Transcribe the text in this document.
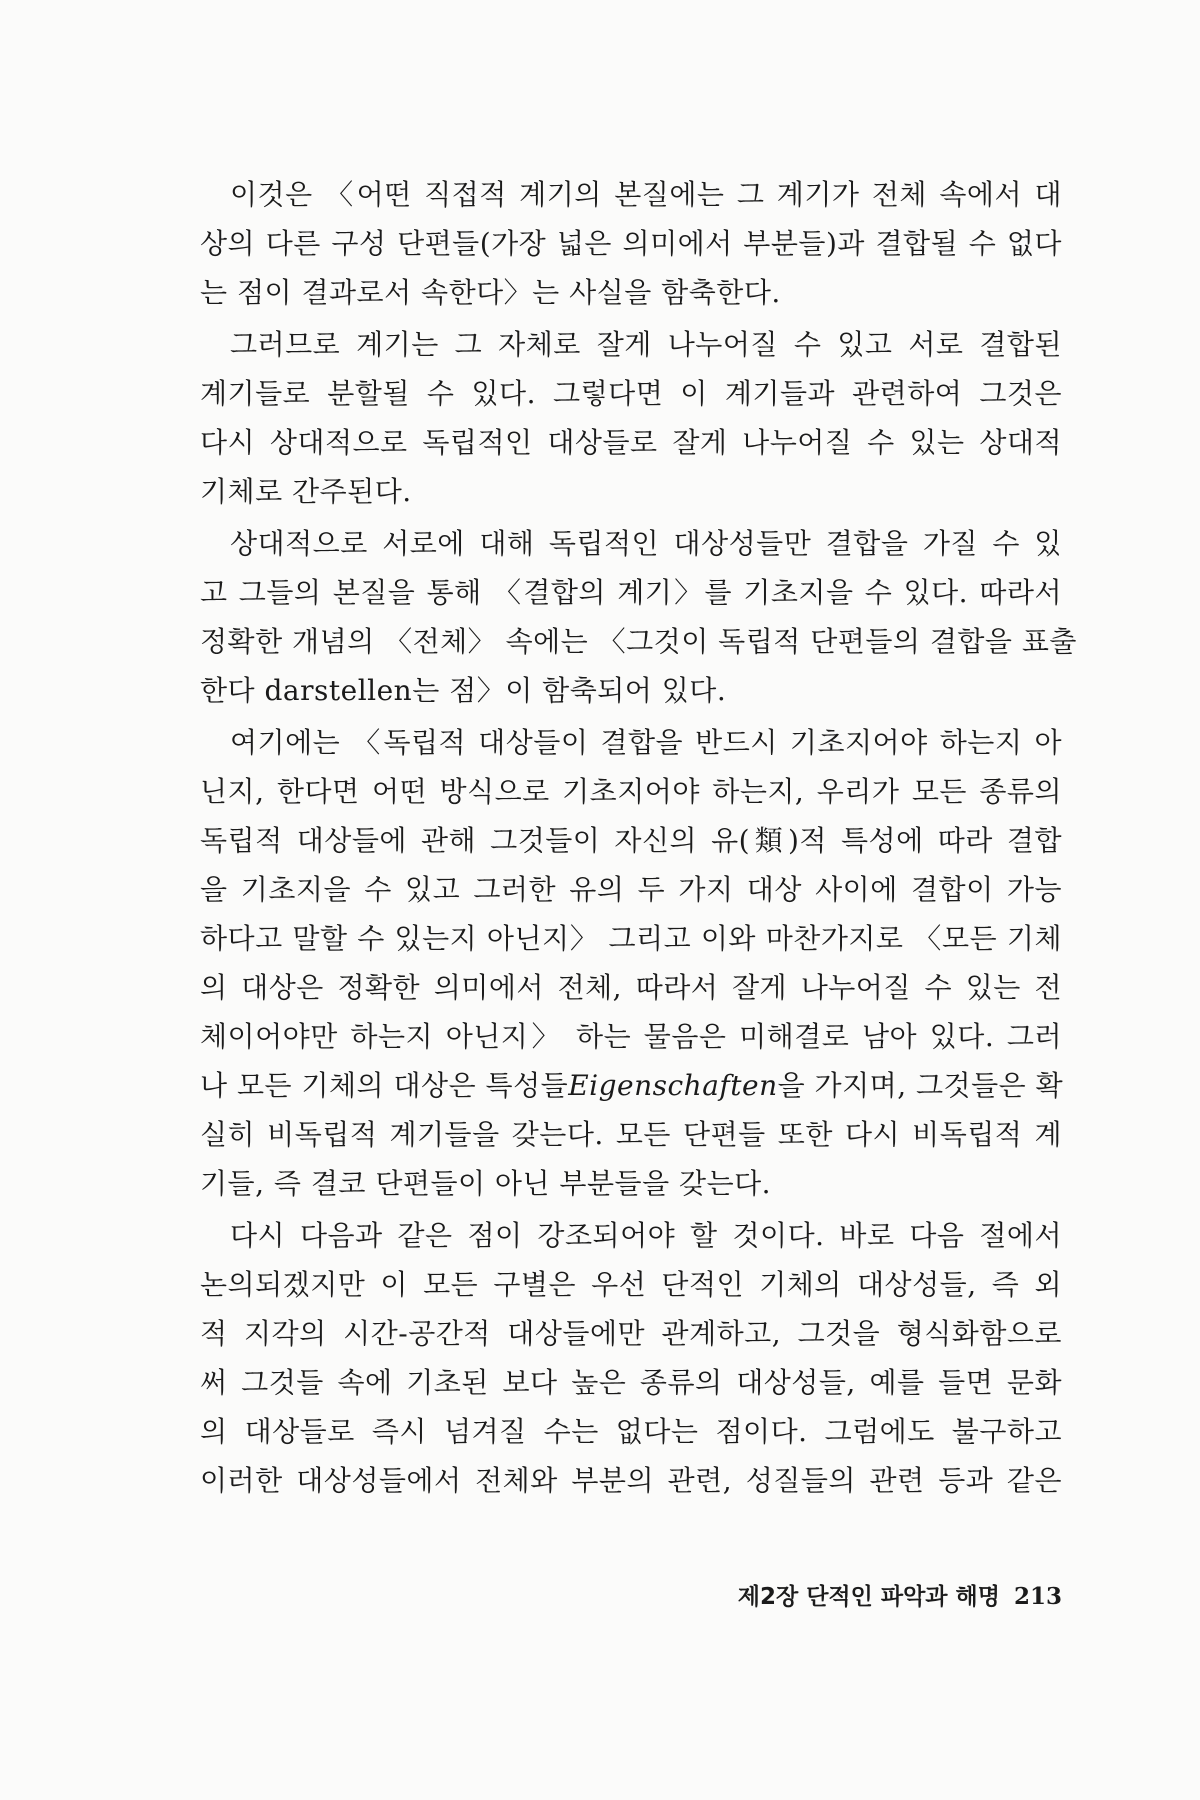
이것은 〈어떤 직접적 계기의 본질에는 그 계기가 전체 속에서 대
상의 다른 구성 단편들(가장 넓은 의미에서 부분들)과 결합될 수 없다
는 점이 결과로서 속한다〉는 사실을 함축한다.
그러므로 계기는 그 자체로 잘게 나누어질 수 있고 서로 결합된
계기들로 분할될 수 있다. 그렇다면 이 계기들과 관련하여 그것은
다시 상대적으로 독립적인 대상들로 잘게 나누어질 수 있는 상대적
기체로 간주된다.
상대적으로 서로에 대해 독립적인 대상성들만 결합을 가질 수 있
고 그들의 본질을 통해 〈결합의 계기〉를 기초지을 수 있다. 따라서
정확한 개념의 〈전체〉 속에는 〈그것이 독립적 단편들의 결합을 표출
한다 darstellen는 점〉이 함축되어 있다.
여기에는 〈독립적 대상들이 결합을 반드시 기초지어야 하는지 아
닌지, 한다면 어떤 방식으로 기초지어야 하는지, 우리가 모든 종류의
독립적 대상들에 관해 그것들이 자신의 유(類)적 특성에 따라 결합
을 기초지을 수 있고 그러한 유의 두 가지 대상 사이에 결합이 가능
하다고 말할 수 있는지 아닌지〉 그리고 이와 마찬가지로 〈모든 기체
의 대상은 정확한 의미에서 전체, 따라서 잘게 나누어질 수 있는 전
체이어야만 하는지 아닌지〉 하는 물음은 미해결로 남아 있다. 그러
나 모든 기체의 대상은 특성들Eigenschaften을 가지며, 그것들은 확
실히 비독립적 계기들을 갖는다. 모든 단편들 또한 다시 비독립적 계
기들, 즉 결코 단편들이 아닌 부분들을 갖는다.
다시 다음과 같은 점이 강조되어야 할 것이다. 바로 다음 절에서
논의되겠지만 이 모든 구별은 우선 단적인 기체의 대상성들, 즉 외
적 지각의 시간-공간적 대상들에만 관계하고, 그것을 형식화함으로
써 그것들 속에 기초된 보다 높은 종류의 대상성들, 예를 들면 문화
의 대상들로 즉시 넘겨질 수는 없다는 점이다. 그럼에도 불구하고
이러한 대상성들에서 전체와 부분의 관련, 성질들의 관련 등과 같은
제2장 단적인 파악과 해명 213
